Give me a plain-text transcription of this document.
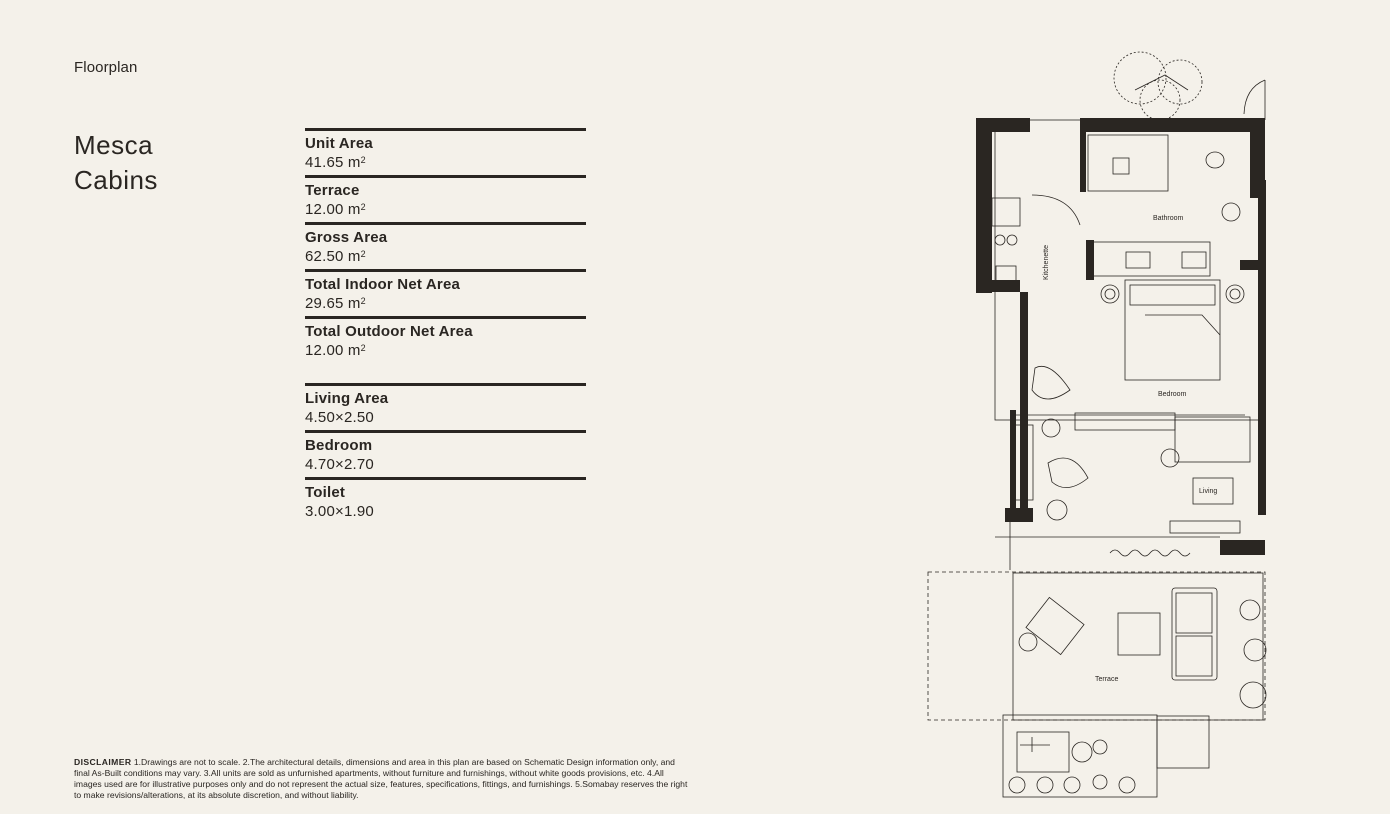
Floorplan
Mesca
Cabins
Unit Area
41.65 $m^2$
Terrace
12.00 $m^2$
Gross Area
62.50 $m^2$
Total Indoor Net Area
29.65 $m^2$
Total Outdoor Net Area
12.00 $m^2$
Living Area
4.50×2.50
Bedroom
4.70×2.70
Toilet
3.00×1.90
DISCLAIMER 1.Drawings are not to scale. 2.The architectural details, dimensions and area in this plan are based on Schematic Design information only, and final As-Built conditions may vary. 3.All units are sold as unfurnished apartments, without furniture and furnishings, without white goods provisions, etc. 4.All images used are for illustrative purposes only and do not represent the actual size, features, specifications, fittings, and furnishings. 5.Somabay reserves the right to make revisions/alterations, at its absolute discretion, and without liability.
Bathroom
Kitchenette
Bedroom
Living
Terrace
